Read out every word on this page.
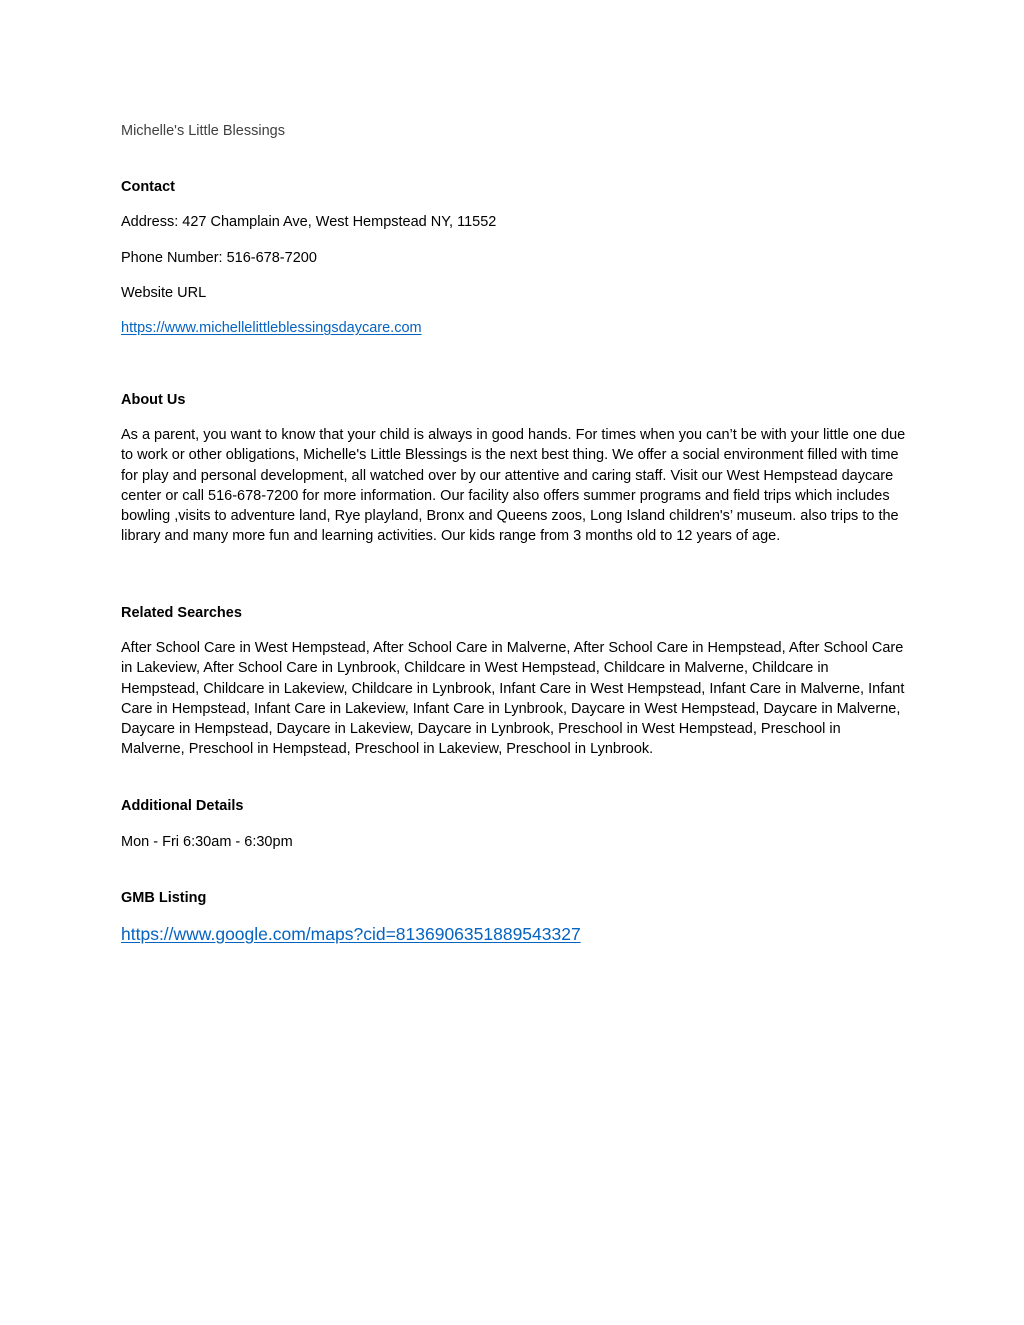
Michelle's Little Blessings

Contact

Address: 427 Champlain Ave, West Hempstead NY, 11552

Phone Number: 516-678-7200

Website URL

https://www.michellelittleblessingsdaycare.com

About Us

As a parent, you want to know that your child is always in good hands. For times when you can’t be with your little one due to work or other obligations, Michelle's Little Blessings is the next best thing. We offer a social environment filled with time for play and personal development, all watched over by our attentive and caring staff. Visit our West Hempstead daycare center or call 516-678-7200 for more information. Our facility also offers summer programs and field trips which includes bowling ,visits to adventure land, Rye playland, Bronx and Queens zoos, Long Island children's’ museum. also trips to the library and many more fun and learning activities. Our kids range from 3 months old to 12 years of age.

Related Searches

After School Care in West Hempstead, After School Care in Malverne, After School Care in Hempstead, After School Care in Lakeview, After School Care in Lynbrook, Childcare in West Hempstead, Childcare in Malverne, Childcare in Hempstead, Childcare in Lakeview, Childcare in Lynbrook, Infant Care in West Hempstead, Infant Care in Malverne, Infant Care in Hempstead, Infant Care in Lakeview, Infant Care in Lynbrook, Daycare in West Hempstead, Daycare in Malverne, Daycare in Hempstead, Daycare in Lakeview, Daycare in Lynbrook, Preschool in West Hempstead, Preschool in Malverne, Preschool in Hempstead, Preschool in Lakeview, Preschool in Lynbrook.

Additional Details

Mon - Fri 6:30am - 6:30pm

GMB Listing

https://www.google.com/maps?cid=8136906351889543327
